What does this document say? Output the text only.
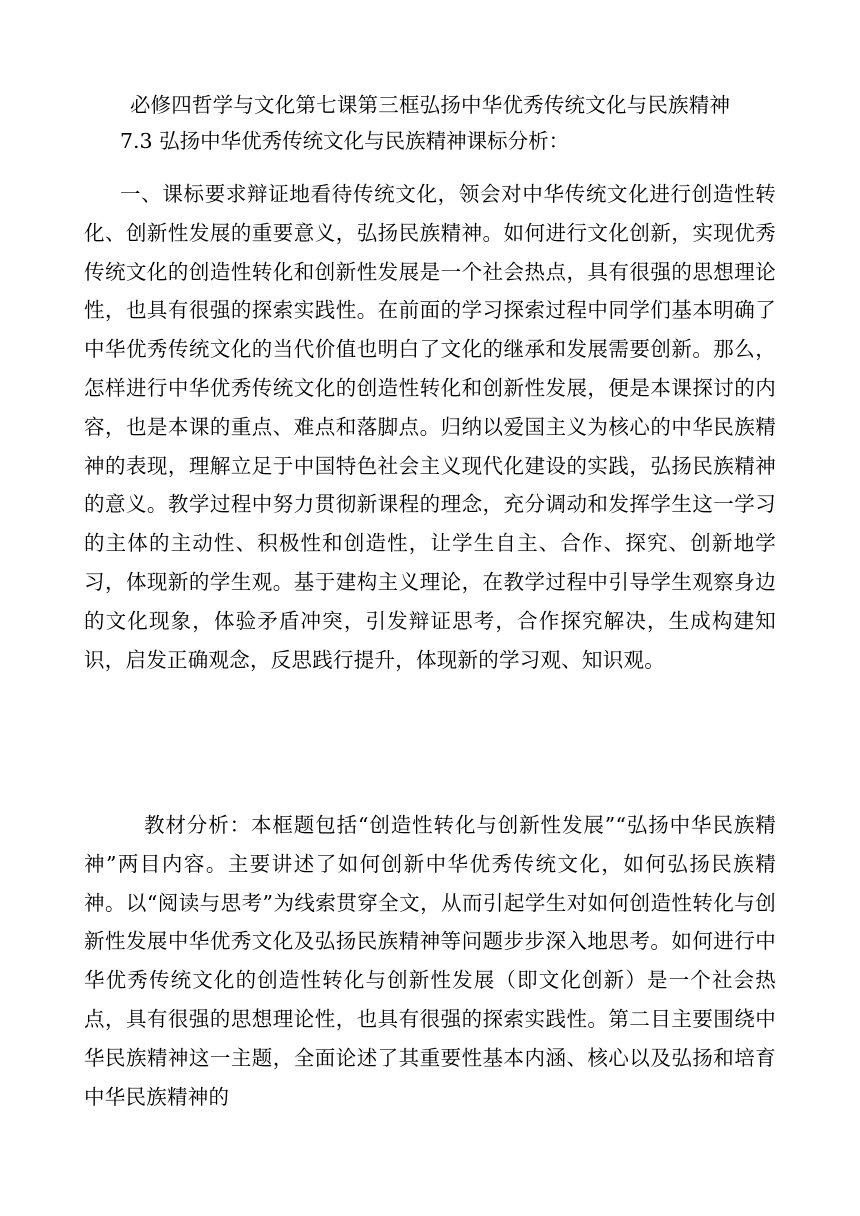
必修四哲学与文化第七课第三框弘扬中华优秀传统文化与民族精神
7.3 弘扬中华优秀传统文化与民族精神课标分析：

一、课标要求辩证地看待传统文化，领会对中华传统文化进行创造性转化、创新性发展的重要意义，弘扬民族精神。如何进行文化创新，实现优秀传统文化的创造性转化和创新性发展是一个社会热点，具有很强的思想理论性，也具有很强的探索实践性。在前面的学习探索过程中同学们基本明确了中华优秀传统文化的当代价值也明白了文化的继承和发展需要创新。那么，怎样进行中华优秀传统文化的创造性转化和创新性发展，便是本课探讨的内容，也是本课的重点、难点和落脚点。归纳以爱国主义为核心的中华民族精神的表现，理解立足于中国特色社会主义现代化建设的实践，弘扬民族精神的意义。教学过程中努力贯彻新课程的理念，充分调动和发挥学生这一学习的主体的主动性、积极性和创造性，让学生自主、合作、探究、创新地学习，体现新的学生观。基于建构主义理论，在教学过程中引导学生观察身边的文化现象，体验矛盾冲突，引发辩证思考，合作探究解决，生成构建知识，启发正确观念，反思践行提升，体现新的学习观、知识观。

教材分析：本框题包括“创造性转化与创新性发展”“弘扬中华民族精神”两目内容。主要讲述了如何创新中华优秀传统文化，如何弘扬民族精神。以“阅读与思考”为线索贯穿全文，从而引起学生对如何创造性转化与创新性发展中华优秀文化及弘扬民族精神等问题步步深入地思考。如何进行中华优秀传统文化的创造性转化与创新性发展（即文化创新）是一个社会热点，具有很强的思想理论性，也具有很强的探索实践性。第二目主要围绕中华民族精神这一主题，全面论述了其重要性基本内涵、核心以及弘扬和培育中华民族精神的
